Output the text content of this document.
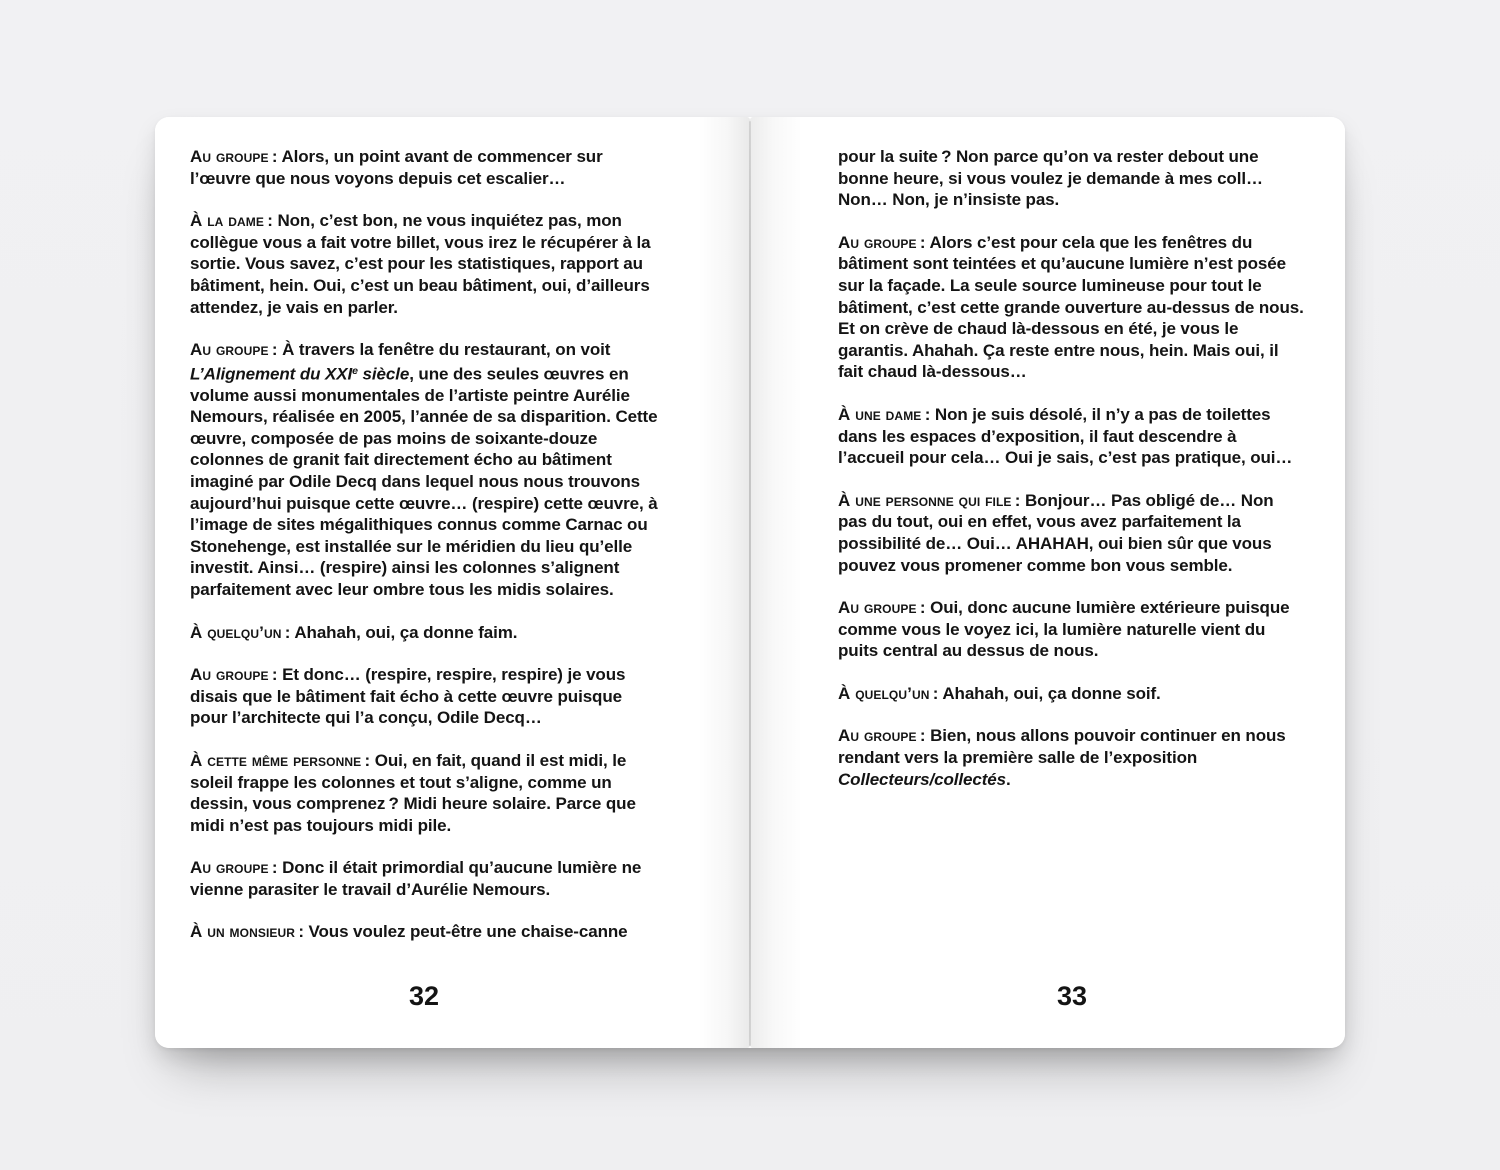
Au groupe : Alors, un point avant de commencer sur l’œuvre que nous voyons depuis cet escalier…

À la dame : Non, c’est bon, ne vous inquiétez pas, mon collègue vous a fait votre billet, vous irez le récupérer à la sortie. Vous savez, c’est pour les statistiques, rapport au bâtiment, hein. Oui, c’est un beau bâtiment, oui, d’ailleurs attendez, je vais en parler.

Au groupe : À travers la fenêtre du restaurant, on voit L’Alignement du XXIe siècle, une des seules œuvres en volume aussi monumentales de l’artiste peintre Aurélie Nemours, réalisée en 2005, l’année de sa disparition. Cette œuvre, composée de pas moins de soixante-douze colonnes de granit fait directement écho au bâtiment imaginé par Odile Decq dans lequel nous nous trouvons aujourd’hui puisque cette œuvre… (respire) cette œuvre, à l’image de sites mégalithiques connus comme Carnac ou Stonehenge, est installée sur le méridien du lieu qu’elle investit. Ainsi… (respire) ainsi les colonnes s’alignent parfaitement avec leur ombre tous les midis solaires.

À quelqu’un : Ahahah, oui, ça donne faim.

Au groupe : Et donc… (respire, respire, respire) je vous disais que le bâtiment fait écho à cette œuvre puisque pour l’architecte qui l’a conçu, Odile Decq…

À cette même personne : Oui, en fait, quand il est midi, le soleil frappe les colonnes et tout s’aligne, comme un dessin, vous comprenez ? Midi heure solaire. Parce que midi n’est pas toujours midi pile.

Au groupe : Donc il était primordial qu’aucune lumière ne vienne parasiter le travail d’Aurélie Nemours.

À un monsieur : Vous voulez peut-être une chaise-canne

32

pour la suite ? Non parce qu’on va rester debout une bonne heure, si vous voulez je demande à mes coll… Non… Non, je n’insiste pas.

Au groupe : Alors c’est pour cela que les fenêtres du bâtiment sont teintées et qu’aucune lumière n’est posée sur la façade. La seule source lumineuse pour tout le bâtiment, c’est cette grande ouverture au-dessus de nous. Et on crève de chaud là-dessous en été, je vous le garantis. Ahahah. Ça reste entre nous, hein. Mais oui, il fait chaud là-dessous…

À une dame : Non je suis désolé, il n’y a pas de toilettes dans les espaces d’exposition, il faut descendre à l’accueil pour cela… Oui je sais, c’est pas pratique, oui…

À une personne qui file : Bonjour… Pas obligé de… Non pas du tout, oui en effet, vous avez parfaitement la possibilité de… Oui… AHAHAH, oui bien sûr que vous pouvez vous promener comme bon vous semble.

Au groupe : Oui, donc aucune lumière extérieure puisque comme vous le voyez ici, la lumière naturelle vient du puits central au dessus de nous.

À quelqu’un : Ahahah, oui, ça donne soif.

Au groupe : Bien, nous allons pouvoir continuer en nous rendant vers la première salle de l’exposition Collecteurs/collectés.

33
